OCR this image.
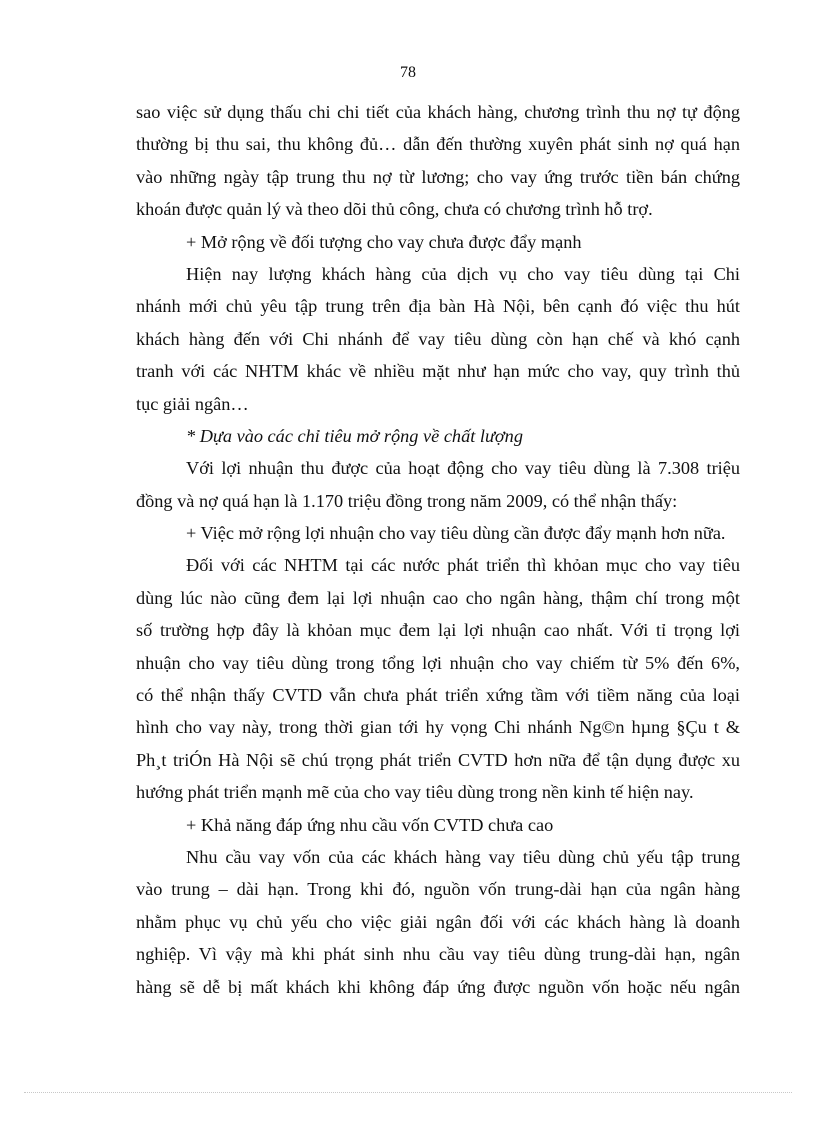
78
sao việc sử dụng thấu chi chi tiết của khách hàng, chương trình thu nợ tự động
thường bị thu sai, thu không đủ… dẫn đến thường xuyên phát sinh nợ quá hạn
vào những ngày tập trung thu nợ từ lương; cho vay ứng trước tiền bán chứng
khoán được quản lý và theo dõi thủ công, chưa có chương trình hỗ trợ.
+ Mở rộng về đối tượng cho vay chưa được đẩy mạnh
Hiện nay lượng khách hàng của dịch vụ cho vay tiêu dùng tại Chi
nhánh mới chủ yêu tập trung trên địa bàn Hà Nội, bên cạnh đó việc thu hút
khách hàng đến với Chi nhánh để vay tiêu dùng còn hạn chế và khó cạnh
tranh với các NHTM khác về nhiều mặt như hạn mức cho vay, quy trình thủ
tục giải ngân…
* Dựa vào các chỉ tiêu mở rộng về chất lượng
Với lợi nhuận thu được của hoạt động cho vay tiêu dùng là 7.308 triệu
đồng và nợ quá hạn là 1.170 triệu đồng trong năm 2009, có thể nhận thấy:
+ Việc mở rộng lợi nhuận cho vay tiêu dùng cần được đẩy mạnh hơn nữa.
Đối với các NHTM tại các nước phát triển thì khỏan mục cho vay tiêu
dùng lúc nào cũng đem lại lợi nhuận cao cho ngân hàng, thậm chí trong một
số trường hợp đây là khỏan mục đem lại lợi nhuận cao nhất. Với tỉ trọng lợi
nhuận cho vay tiêu dùng trong tổng lợi nhuận cho vay chiếm từ 5% đến 6%,
có thể nhận thấy CVTD vẫn chưa phát triển xứng tầm với tiềm năng của loại
hình cho vay này, trong thời gian tới hy vọng Chi nhánh Ng©n hµng §Çu t &
Ph¸t triÓn Hà Nội sẽ chú trọng phát triển CVTD hơn nữa để tận dụng được xu
hướng phát triển mạnh mẽ của cho vay tiêu dùng trong nền kinh tế hiện nay.
+ Khả năng đáp ứng nhu cầu vốn CVTD chưa cao
Nhu cầu vay vốn của các khách hàng vay tiêu dùng chủ yếu tập trung
vào trung – dài hạn. Trong khi đó, nguồn vốn trung-dài hạn của ngân hàng
nhằm phục vụ chủ yếu cho việc giải ngân đối với các khách hàng là doanh
nghiệp. Vì vậy mà khi phát sinh nhu cầu vay tiêu dùng trung-dài hạn, ngân
hàng sẽ dễ bị mất khách khi không đáp ứng được nguồn vốn hoặc nếu ngân
